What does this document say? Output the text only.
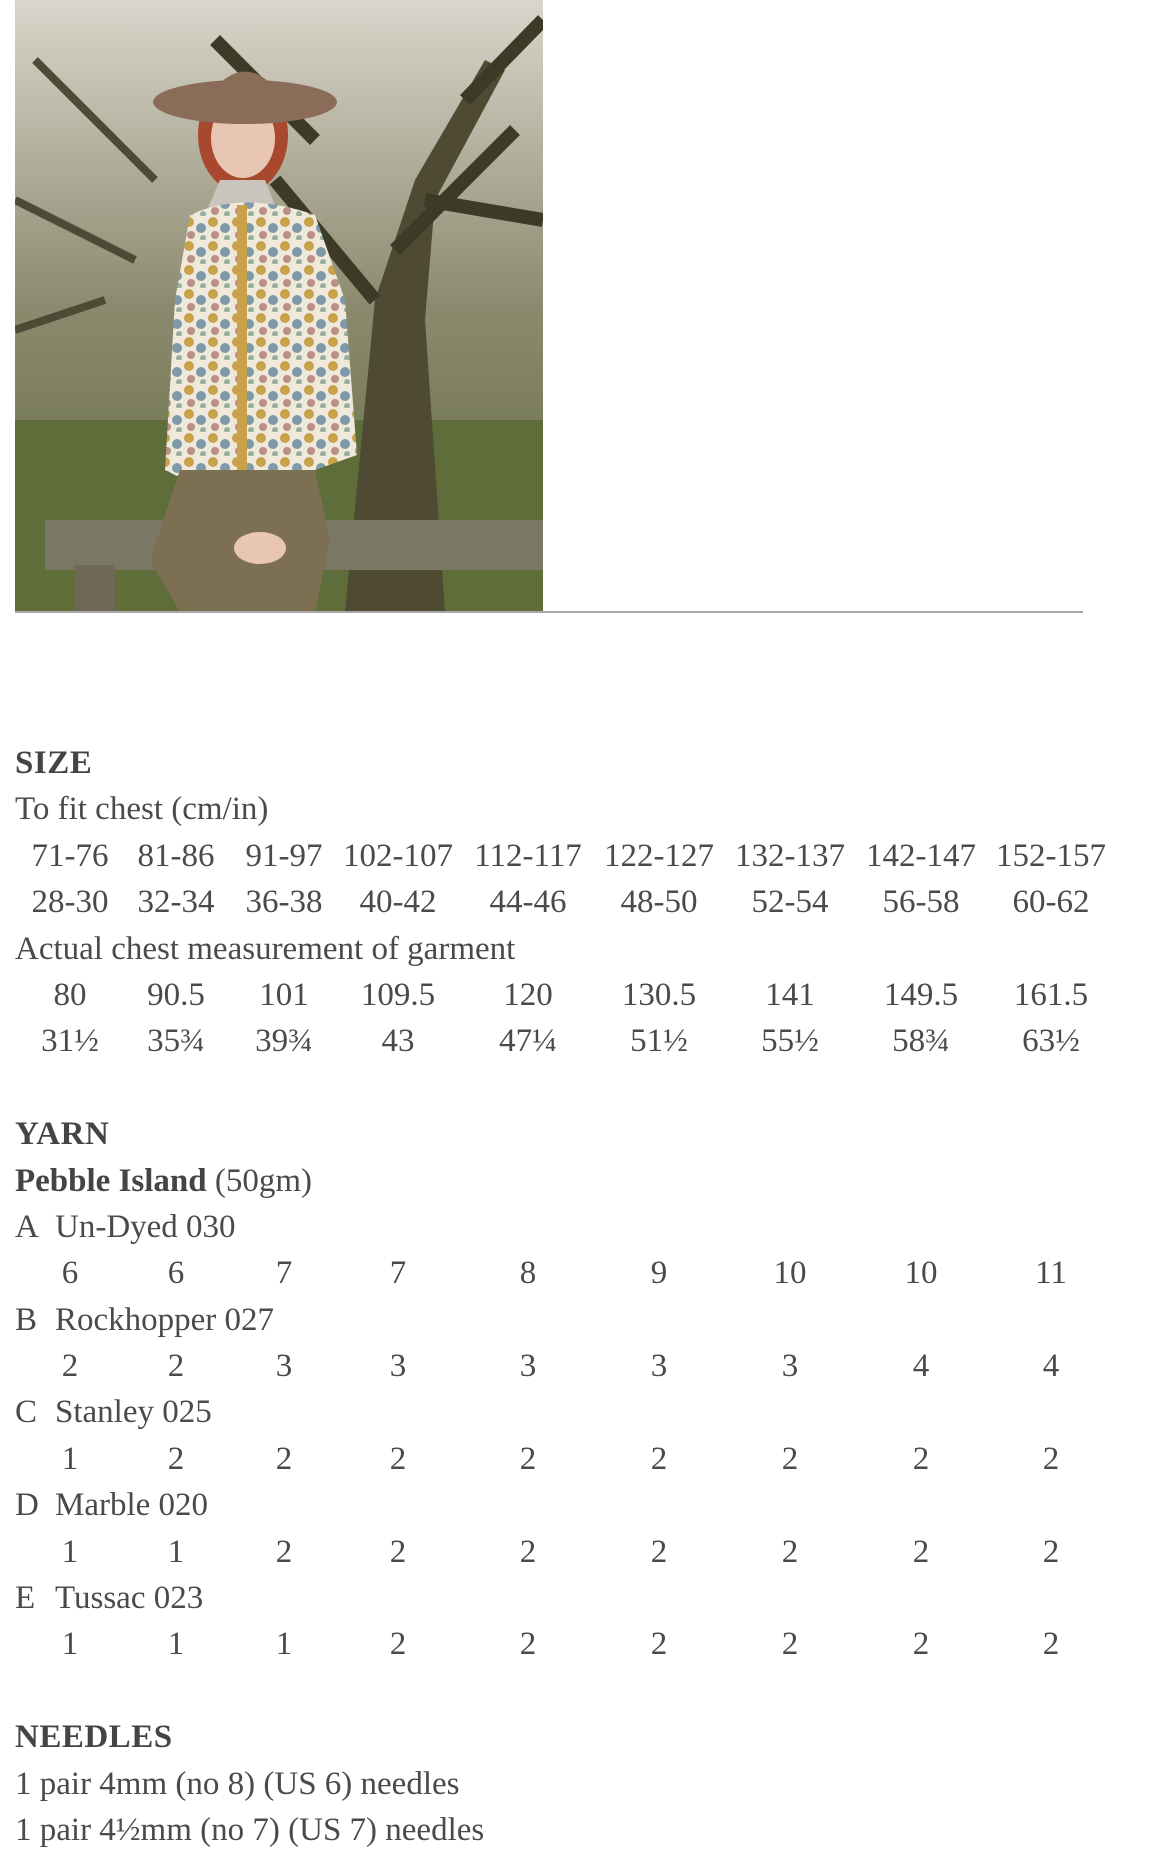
SIZE
To fit chest (cm/in)
71-76 81-86 91-97 102-107 112-117 122-127 132-137 142-147 152-157
28-30 32-34 36-38	40-42	44-46	48-50	52-54	56-58	60-62
Actual chest measurement of garment
80	90.5	101	109.5	120	130.5	141	149.5	161.5
31½	35¾	39¾	43	47¼	51½	55½	58¾	63½
YARN
Pebble Island (50gm)
A Un-Dyed 030
6	6	7	7	8	9	10	10	11
B Rockhopper 027
2	2	3	3	3	3	3	4	4
C Stanley 025
1	2	2	2	2	2	2	2	2
D Marble 020
1	1	2	2	2	2	2	2	2
E Tussac 023
1	1	1	2	2	2	2	2	2
NEEDLES
1 pair 4mm (no 8) (US 6) needles
1 pair 4½mm (no 7) (US 7) needles
